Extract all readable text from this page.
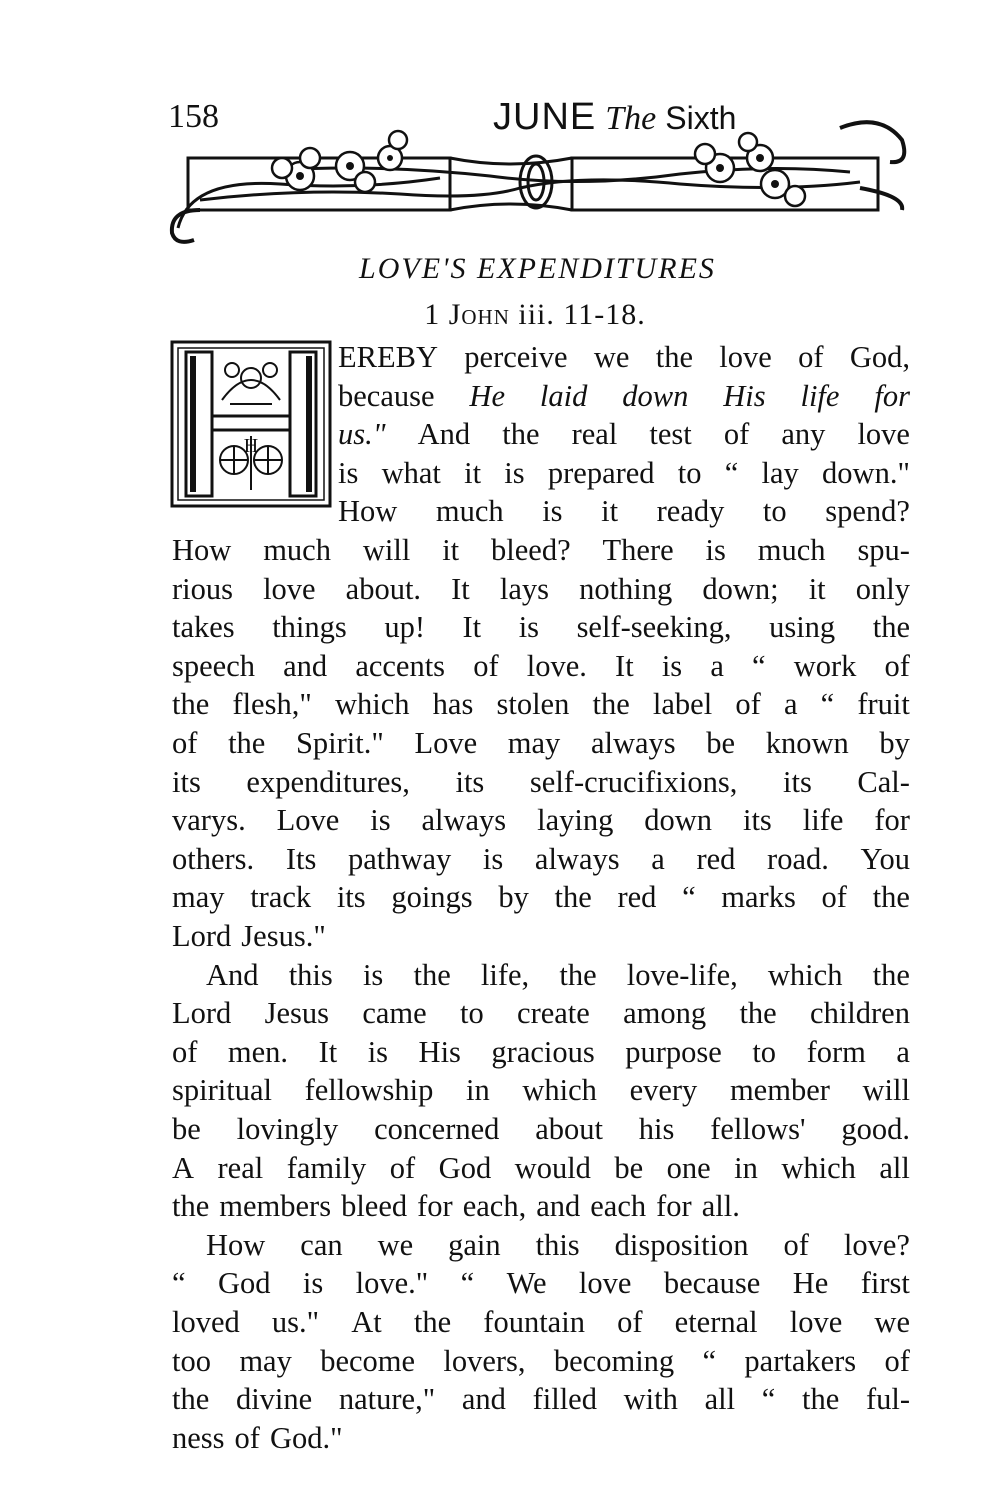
158	JUNE The Sixth
LOVE'S EXPENDITURES
1 John iii. 11-18.
H
EREBY perceive we the love of God,
because He laid down His life for
us." And the real test of any love
is what it is prepared to “ lay down."
How much is it ready to spend?
How much will it bleed? There is much spu-
rious love about. It lays nothing down; it only
takes things up! It is self-seeking, using the
speech and accents of love. It is a “ work of
the flesh," which has stolen the label of a “ fruit
of the Spirit." Love may always be known by
its expenditures, its self-crucifixions, its Cal-
varys. Love is always laying down its life for
others. Its pathway is always a red road. You
may track its goings by the red “ marks of the
Lord Jesus."
And this is the life, the love-life, which the
Lord Jesus came to create among the children
of men. It is His gracious purpose to form a
spiritual fellowship in which every member will
be lovingly concerned about his fellows' good.
A real family of God would be one in which all
the members bleed for each, and each for all.
How can we gain this disposition of love?
“ God is love." “ We love because He first
loved us." At the fountain of eternal love we
too may become lovers, becoming “ partakers of
the divine nature," and filled with all “ the ful-
ness of God."
